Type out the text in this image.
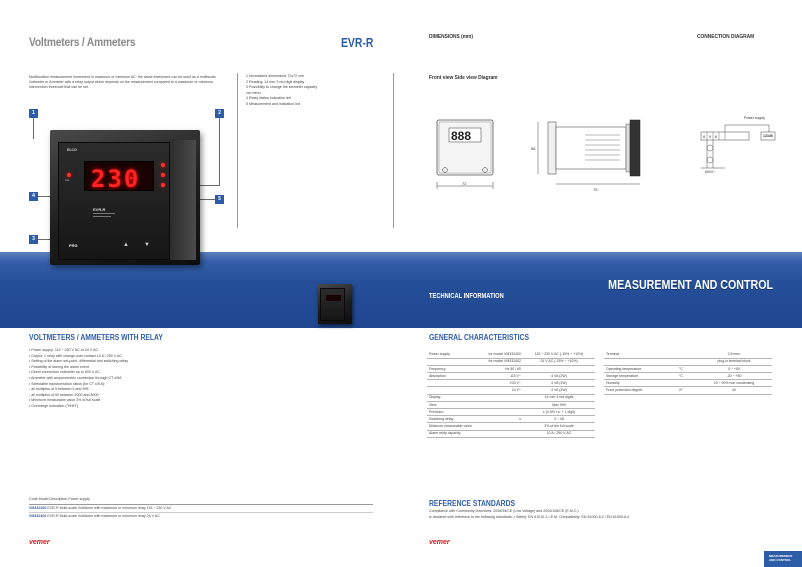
Voltmeters / Ammeters	EVR-R	DIMENSIONS (mm)	CONNECTION DIAGRAM
Multifunction measurement instrument in maximum or minimum AC: the same instrument can be used as a multiscale Voltmeter or Ammeter with a relay output which depends on the measurement compared to a maximum or minimum intervention threshold that can be set.
1 Normalized dimensions 72x72 mm
2 Reading: 14 mm 3 red digit display
3 Possibility to change the ammeter capacity
via menu
4 Relay status indication led
5 Measurement and indication led
1	2
4	5
3
MEASUREMENT AND CONTROL
TECHNICAL INFORMATION
ELCO
230
ALL
EVR-R
PRG	▲	▼
Front view Side view Diagram
888
72
68
75
8 9 6
Power supply
12345
600V~
VOLTMETERS / AMMETERS WITH RELAY
• Power supply: 115 ÷ 230 V AC or 24 V AC
• Output: 1 relay with change-over contact 10 A / 250 V AC
• Setting of the alarm set-point, differential and switching delay
• Possibility of storing the alarm event
• Direct connection voltmeter up to 600 V AC
• Ammeter with amperometric connection through CT x/5A
• Selectable transformation ratios (for CT x/5 A):
- all multiples of 5 between 5 and 995
- all multiples of 50 between 1000 and 8000
• Minimum measurable value 3% of full scale
• Overrange indication ("HHH")
Code Model Description Power supply
VM332400 EVR-R Multi-scale Volt/Amm with maximum or minimum relay 115 ÷ 230 V AC
VM332402 EVR-R Multi-scale Volt/Amm with maximum or minimum relay 24 V AC
vemer
GENERAL CHARACTERISTICS
Power supply	for model VM332400	115 ÷ 230 V AC (-15% ÷ +10%)
	for model VM332402	24 V AC (-15% ÷ +10%)
Frequency	Hz 50 / 60	
Absorption	115 V~	4 VA (2W)
	230 V~	4 VA (2W)
	24 V~	4 VA (3W)
Display		14 mm 3 red digits
View		Max 999
Precision		± (0.5% f.s. + 1 digit)
Switching delay	s	0 ÷ 08
Minimum measurable value		3% of the full scale
Alarm relay capacity		10 A / 250 V AC
Terminal		2.5 mm²
		plug-in terminal block
Operating temperature	°C	0 ÷ +50
Storage temperature	°C	-20 ÷ +80
Humidity		20 ÷ 90% non condensing
Front protection degree	IP	40
REFERENCE STANDARDS
Compliance with Community Directives: 2006/95/CE (Low Voltage) and 2004/108/CE (E.M.C.)
is declared with reference to the following standards: • Safety: EN 61010-1 • E.M. Compatibility: EN 61000-6-2 / EN 61000-6-4
vemer
MEASUREMENT
AND CONTROL
